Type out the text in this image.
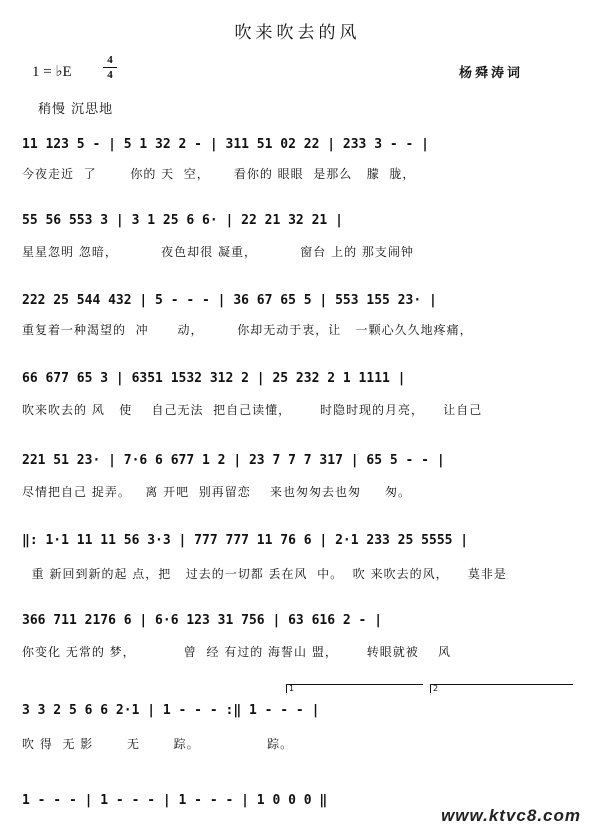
吹来吹去的风
1 = ♭E
4
4	杨舜涛词
稍慢 沉思地
11 123 5 - | 5 1 32 2 - | 311 51 02 22 | 233 3 - - |
今夜走近  了       你的 天  空，     看你的 眼眼  是那么   朦  胧，
55 56 553 3 | 3 1 25 6 6· | 22 21 32 21 |
星星忽明 忽暗，         夜色却很 凝重，         窗台 上的 那支闹钟
222 25 544 432 | 5 - - - | 36 67 65 5 | 553 155 23· |
重复着一种渴望的  冲      动，       你却无动于衷，让   一颗心久久地疼痛，
66 677 65 3 | 6351 1532 312 2 | 25 232 2 1 1111 |
吹来吹去的 风   使    自己无法  把自己读懂，      时隐时现的月亮，    让自己
221 51 23· | 7·6 6 677 1 2 | 23 7 7 7 317 | 65 5 - - |
尽情把自己 捉弄。   离 开吧  别再留恋    来也匆匆去也匆     匆。
‖: 1·1 11 11 56 3·3 | 777 777 11 76 6 | 2·1 233 25 5555 |
重 新回到新的起 点，把   过去的一切都 丢在风  中。  吹 来吹去的风，    莫非是
366 711 2176 6 | 6·6 123 31 756 | 63 616 2 - |
你变化 无常的 梦，          曾  经 有过的 海誓山 盟，      转眼就被    风
1	2
3 3 2 5 6 6 2·1 | 1 - - - :‖ 1 - - - |
吹 得  无 影       无       踪。              踪。
1 - - - | 1 - - - | 1 - - - | 1 0 0 0 ‖
www.ktvc8.com
